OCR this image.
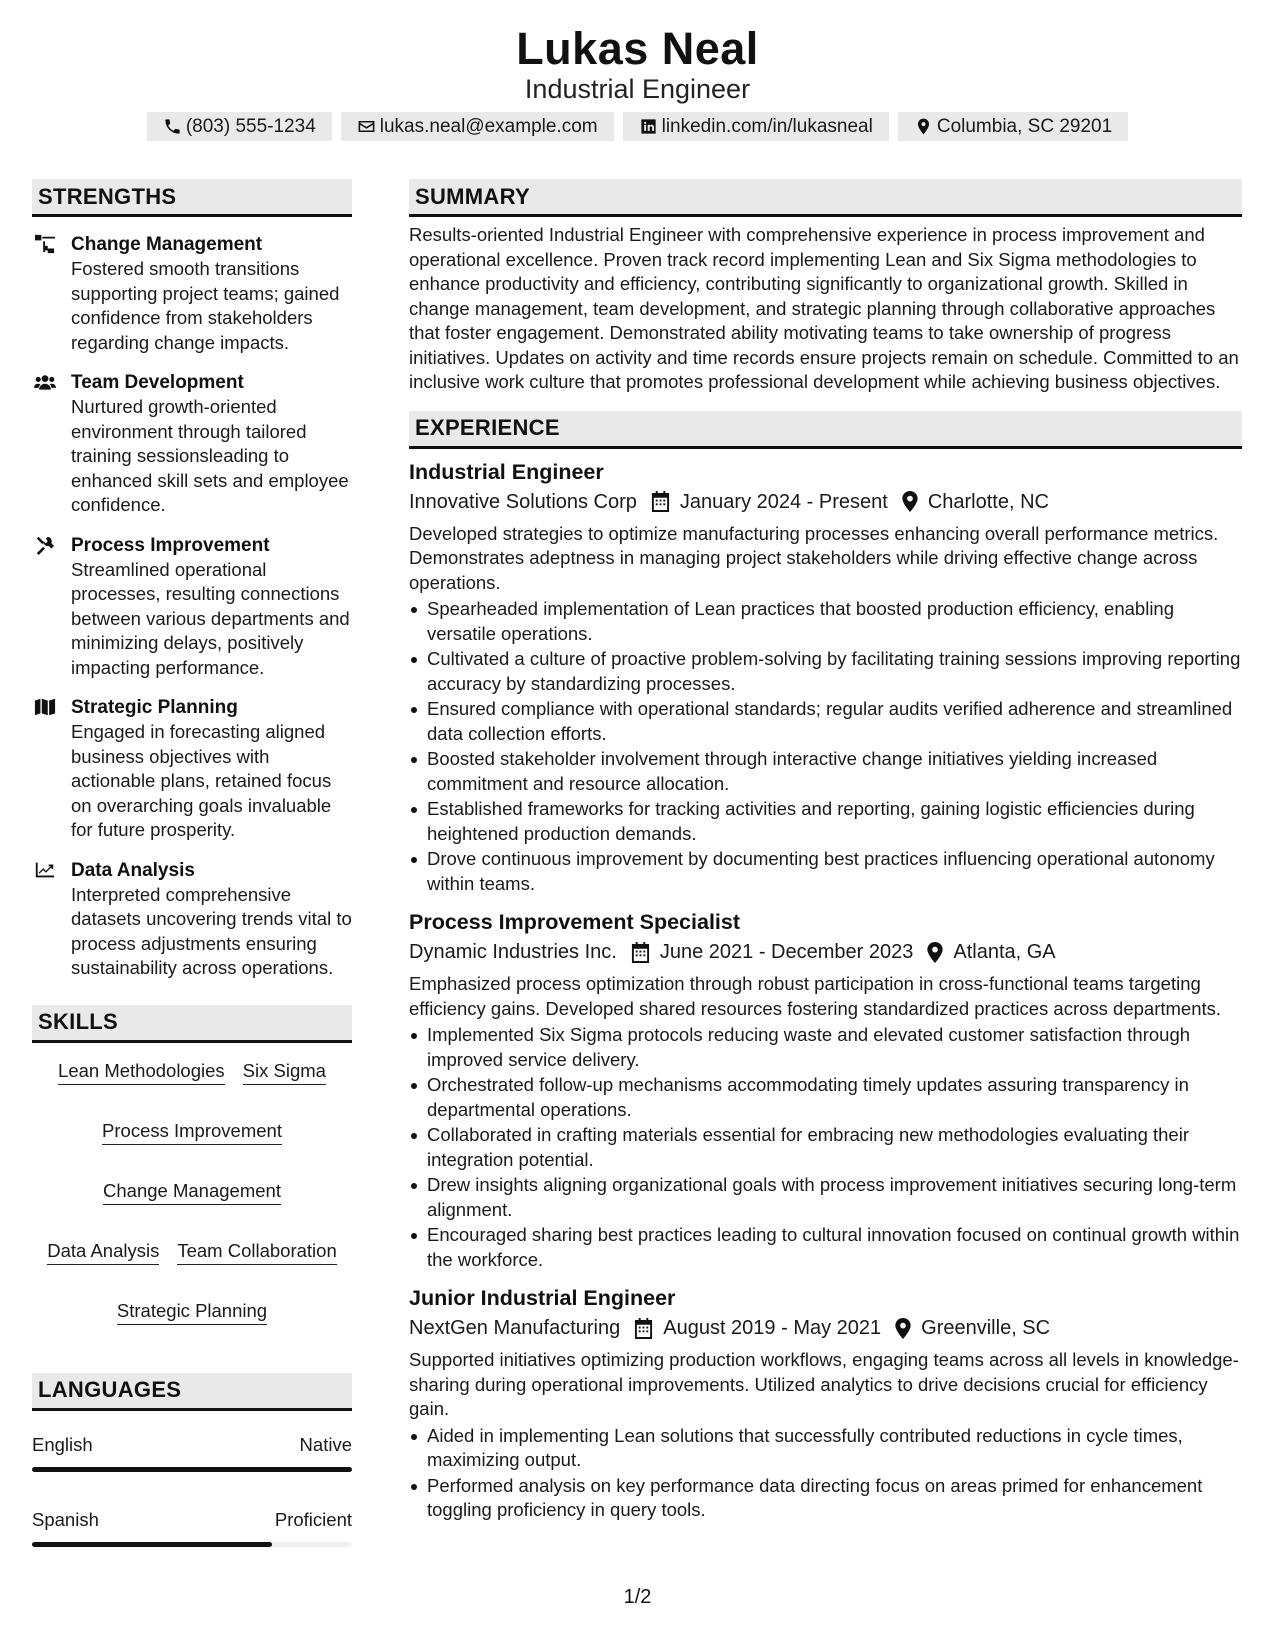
Lukas Neal
Industrial Engineer
(803) 555-1234	lukas.neal@example.com	linkedin.com/in/lukasneal	Columbia, SC 29201
STRENGTHS
Change Management
Fostered smooth transitions supporting project teams; gained confidence from stakeholders regarding change impacts.
Team Development
Nurtured growth-oriented environment through tailored training sessionsleading to enhanced skill sets and employee confidence.
Process Improvement
Streamlined operational processes, resulting connections between various departments and minimizing delays, positively impacting performance.
Strategic Planning
Engaged in forecasting aligned business objectives with actionable plans, retained focus on overarching goals invaluable for future prosperity.
Data Analysis
Interpreted comprehensive datasets uncovering trends vital to process adjustments ensuring sustainability across operations.
SKILLS
Lean Methodologies Six Sigma
Process Improvement
Change Management
Data Analysis Team Collaboration
Strategic Planning
LANGUAGES
English	Native
Spanish	Proficient
SUMMARY
Results-oriented Industrial Engineer with comprehensive experience in process improvement and operational excellence. Proven track record implementing Lean and Six Sigma methodologies to enhance productivity and efficiency, contributing significantly to organizational growth. Skilled in change management, team development, and strategic planning through collaborative approaches that foster engagement. Demonstrated ability motivating teams to take ownership of progress initiatives. Updates on activity and time records ensure projects remain on schedule. Committed to an inclusive work culture that promotes professional development while achieving business objectives.
EXPERIENCE
Industrial Engineer
Innovative Solutions Corp January 2024 - Present Charlotte, NC
Developed strategies to optimize manufacturing processes enhancing overall performance metrics. Demonstrates adeptness in managing project stakeholders while driving effective change across operations.
Spearheaded implementation of Lean practices that boosted production efficiency, enabling versatile operations.
Cultivated a culture of proactive problem-solving by facilitating training sessions improving reporting accuracy by standardizing processes.
Ensured compliance with operational standards; regular audits verified adherence and streamlined data collection efforts.
Boosted stakeholder involvement through interactive change initiatives yielding increased commitment and resource allocation.
Established frameworks for tracking activities and reporting, gaining logistic efficiencies during heightened production demands.
Drove continuous improvement by documenting best practices influencing operational autonomy within teams.
Process Improvement Specialist
Dynamic Industries Inc. June 2021 - December 2023 Atlanta, GA
Emphasized process optimization through robust participation in cross-functional teams targeting efficiency gains. Developed shared resources fostering standardized practices across departments.
Implemented Six Sigma protocols reducing waste and elevated customer satisfaction through improved service delivery.
Orchestrated follow-up mechanisms accommodating timely updates assuring transparency in departmental operations.
Collaborated in crafting materials essential for embracing new methodologies evaluating their integration potential.
Drew insights aligning organizational goals with process improvement initiatives securing long-term alignment.
Encouraged sharing best practices leading to cultural innovation focused on continual growth within the workforce.
Junior Industrial Engineer
NextGen Manufacturing August 2019 - May 2021 Greenville, SC
Supported initiatives optimizing production workflows, engaging teams across all levels in knowledge-sharing during operational improvements. Utilized analytics to drive decisions crucial for efficiency gain.
Aided in implementing Lean solutions that successfully contributed reductions in cycle times, maximizing output.
Performed analysis on key performance data directing focus on areas primed for enhancement toggling proficiency in query tools.
1/2
